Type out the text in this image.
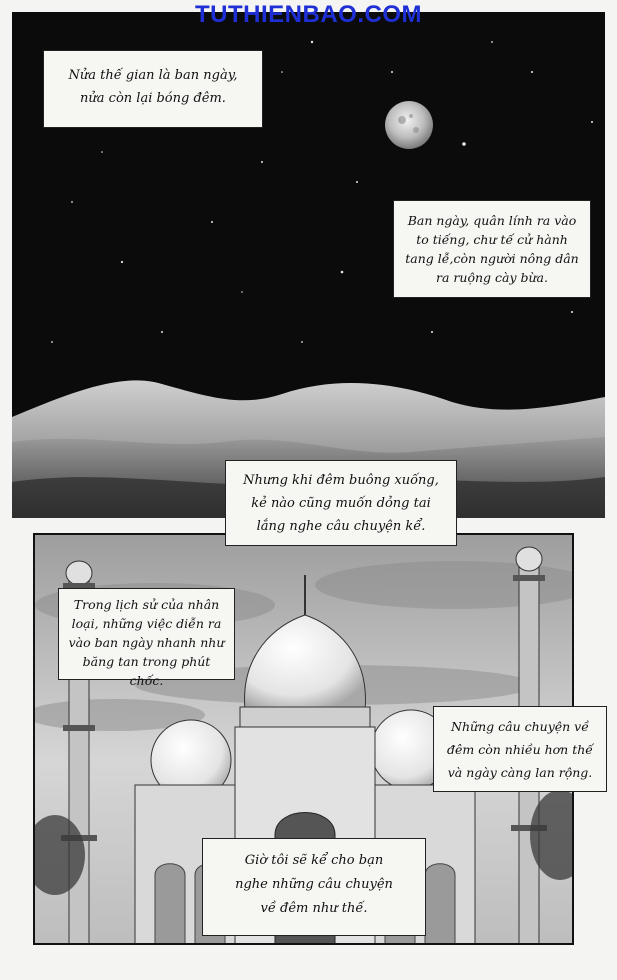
TUTHIENBAO.COM
Nửa thế gian là ban ngày,
nửa còn lại bóng đêm.
Ban ngày, quân lính ra vào
to tiếng, chư tế cử hành
tang lễ,còn người nông dân
ra ruộng cày bừa.
Nhưng khi đêm buông xuống,
kẻ nào cũng muốn dỏng tai
lắng nghe câu chuyện kể.
Trong lịch sử của nhân
loại, những việc diễn ra
vào ban ngày nhanh như
băng tan trong phút chốc.
Những câu chuyện về
đêm còn nhiều hơn thế
và ngày càng lan rộng.
Giờ tôi sẽ kể cho bạn
nghe những câu chuyện
về đêm như thế.
